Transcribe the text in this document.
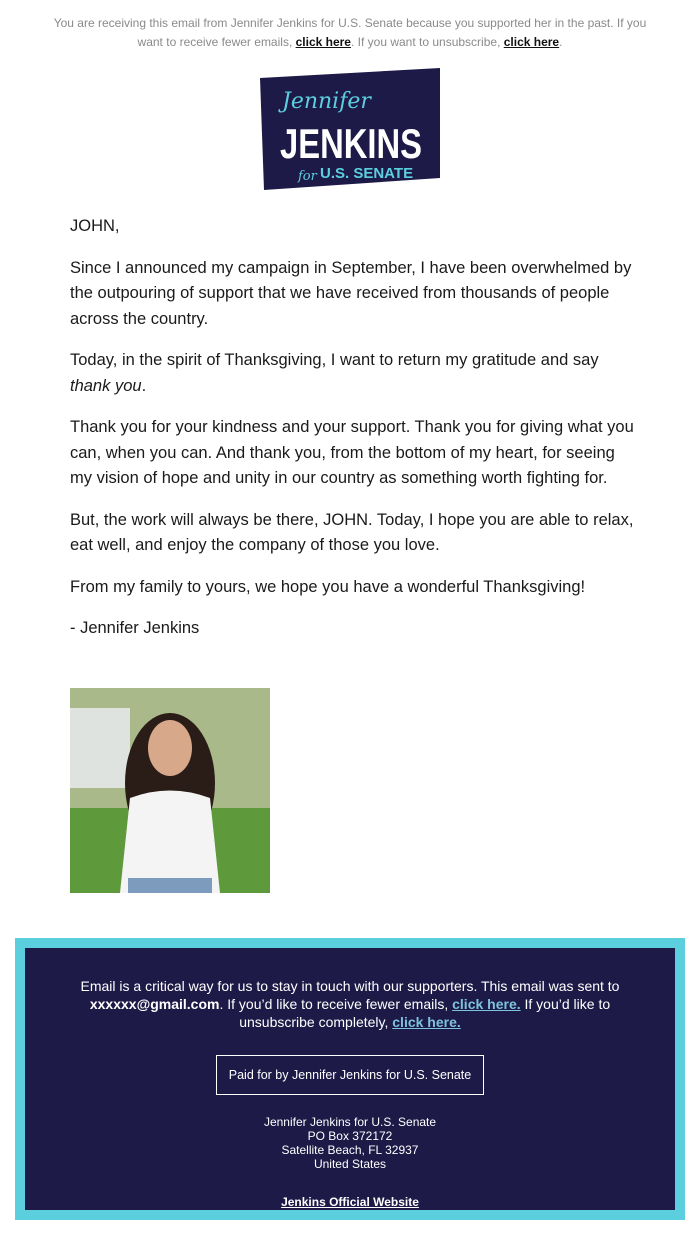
You are receiving this email from Jennifer Jenkins for U.S. Senate because you supported her in the past. If you want to receive fewer emails, click here. If you want to unsubscribe, click here.
Jennifer
JENKINS
for U.S. SENATE

JOHN,

Since I announced my campaign in September, I have been overwhelmed by the outpouring of support that we have received from thousands of people across the country.

Today, in the spirit of Thanksgiving, I want to return my gratitude and say thank you.

Thank you for your kindness and your support. Thank you for giving what you can, when you can. And thank you, from the bottom of my heart, for seeing my vision of hope and unity in our country as something worth fighting for.

But, the work will always be there, JOHN. Today, I hope you are able to relax, eat well, and enjoy the company of those you love.

From my family to yours, we hope you have a wonderful Thanksgiving!

- Jennifer Jenkins

Email is a critical way for us to stay in touch with our supporters. This email was sent to xxxxxx@gmail.com. If you’d like to receive fewer emails, click here. If you’d like to unsubscribe completely, click here.
Paid for by Jennifer Jenkins for U.S. Senate
Jennifer Jenkins for U.S. Senate
PO Box 372172
Satellite Beach, FL 32937
United States
Jenkins Official Website
